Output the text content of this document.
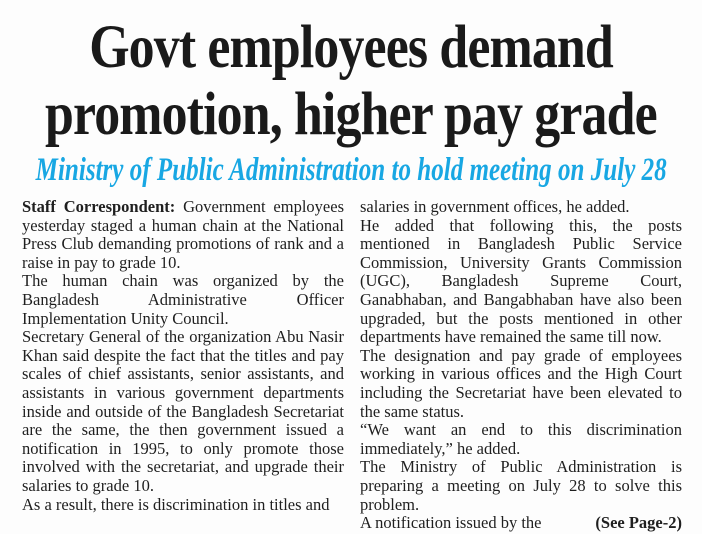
Govt employees demand
promotion, higher pay grade
Ministry of Public Administration to hold meeting on July 28

Staff Correspondent: Government employees yesterday staged a human chain at the National Press Club demanding promotions of rank and a raise in pay to grade 10.

The human chain was organized by the Bangladesh Administrative Officer Implementation Unity Council.

Secretary General of the organization Abu Nasir Khan said despite the fact that the titles and pay scales of chief assistants, senior assistants, and assistants in various government departments inside and outside of the Bangladesh Secretariat are the same, the then government issued a notification in 1995, to only promote those involved with the secretariat, and upgrade their salaries to grade 10.

As a result, there is discrimination in titles and

salaries in government offices, he added.

He added that following this, the posts mentioned in Bangladesh Public Service Commission, University Grants Commission (UGC), Bangladesh Supreme Court, Ganabhaban, and Bangabhaban have also been upgraded, but the posts mentioned in other departments have remained the same till now.

The designation and pay grade of employees working in various offices and the High Court including the Secretariat have been elevated to the same status.

“We want an end to this discrimination immediately,” he added.

The Ministry of Public Administration is preparing a meeting on July 28 to solve this problem.

A notification issued by the	(See Page-2)
